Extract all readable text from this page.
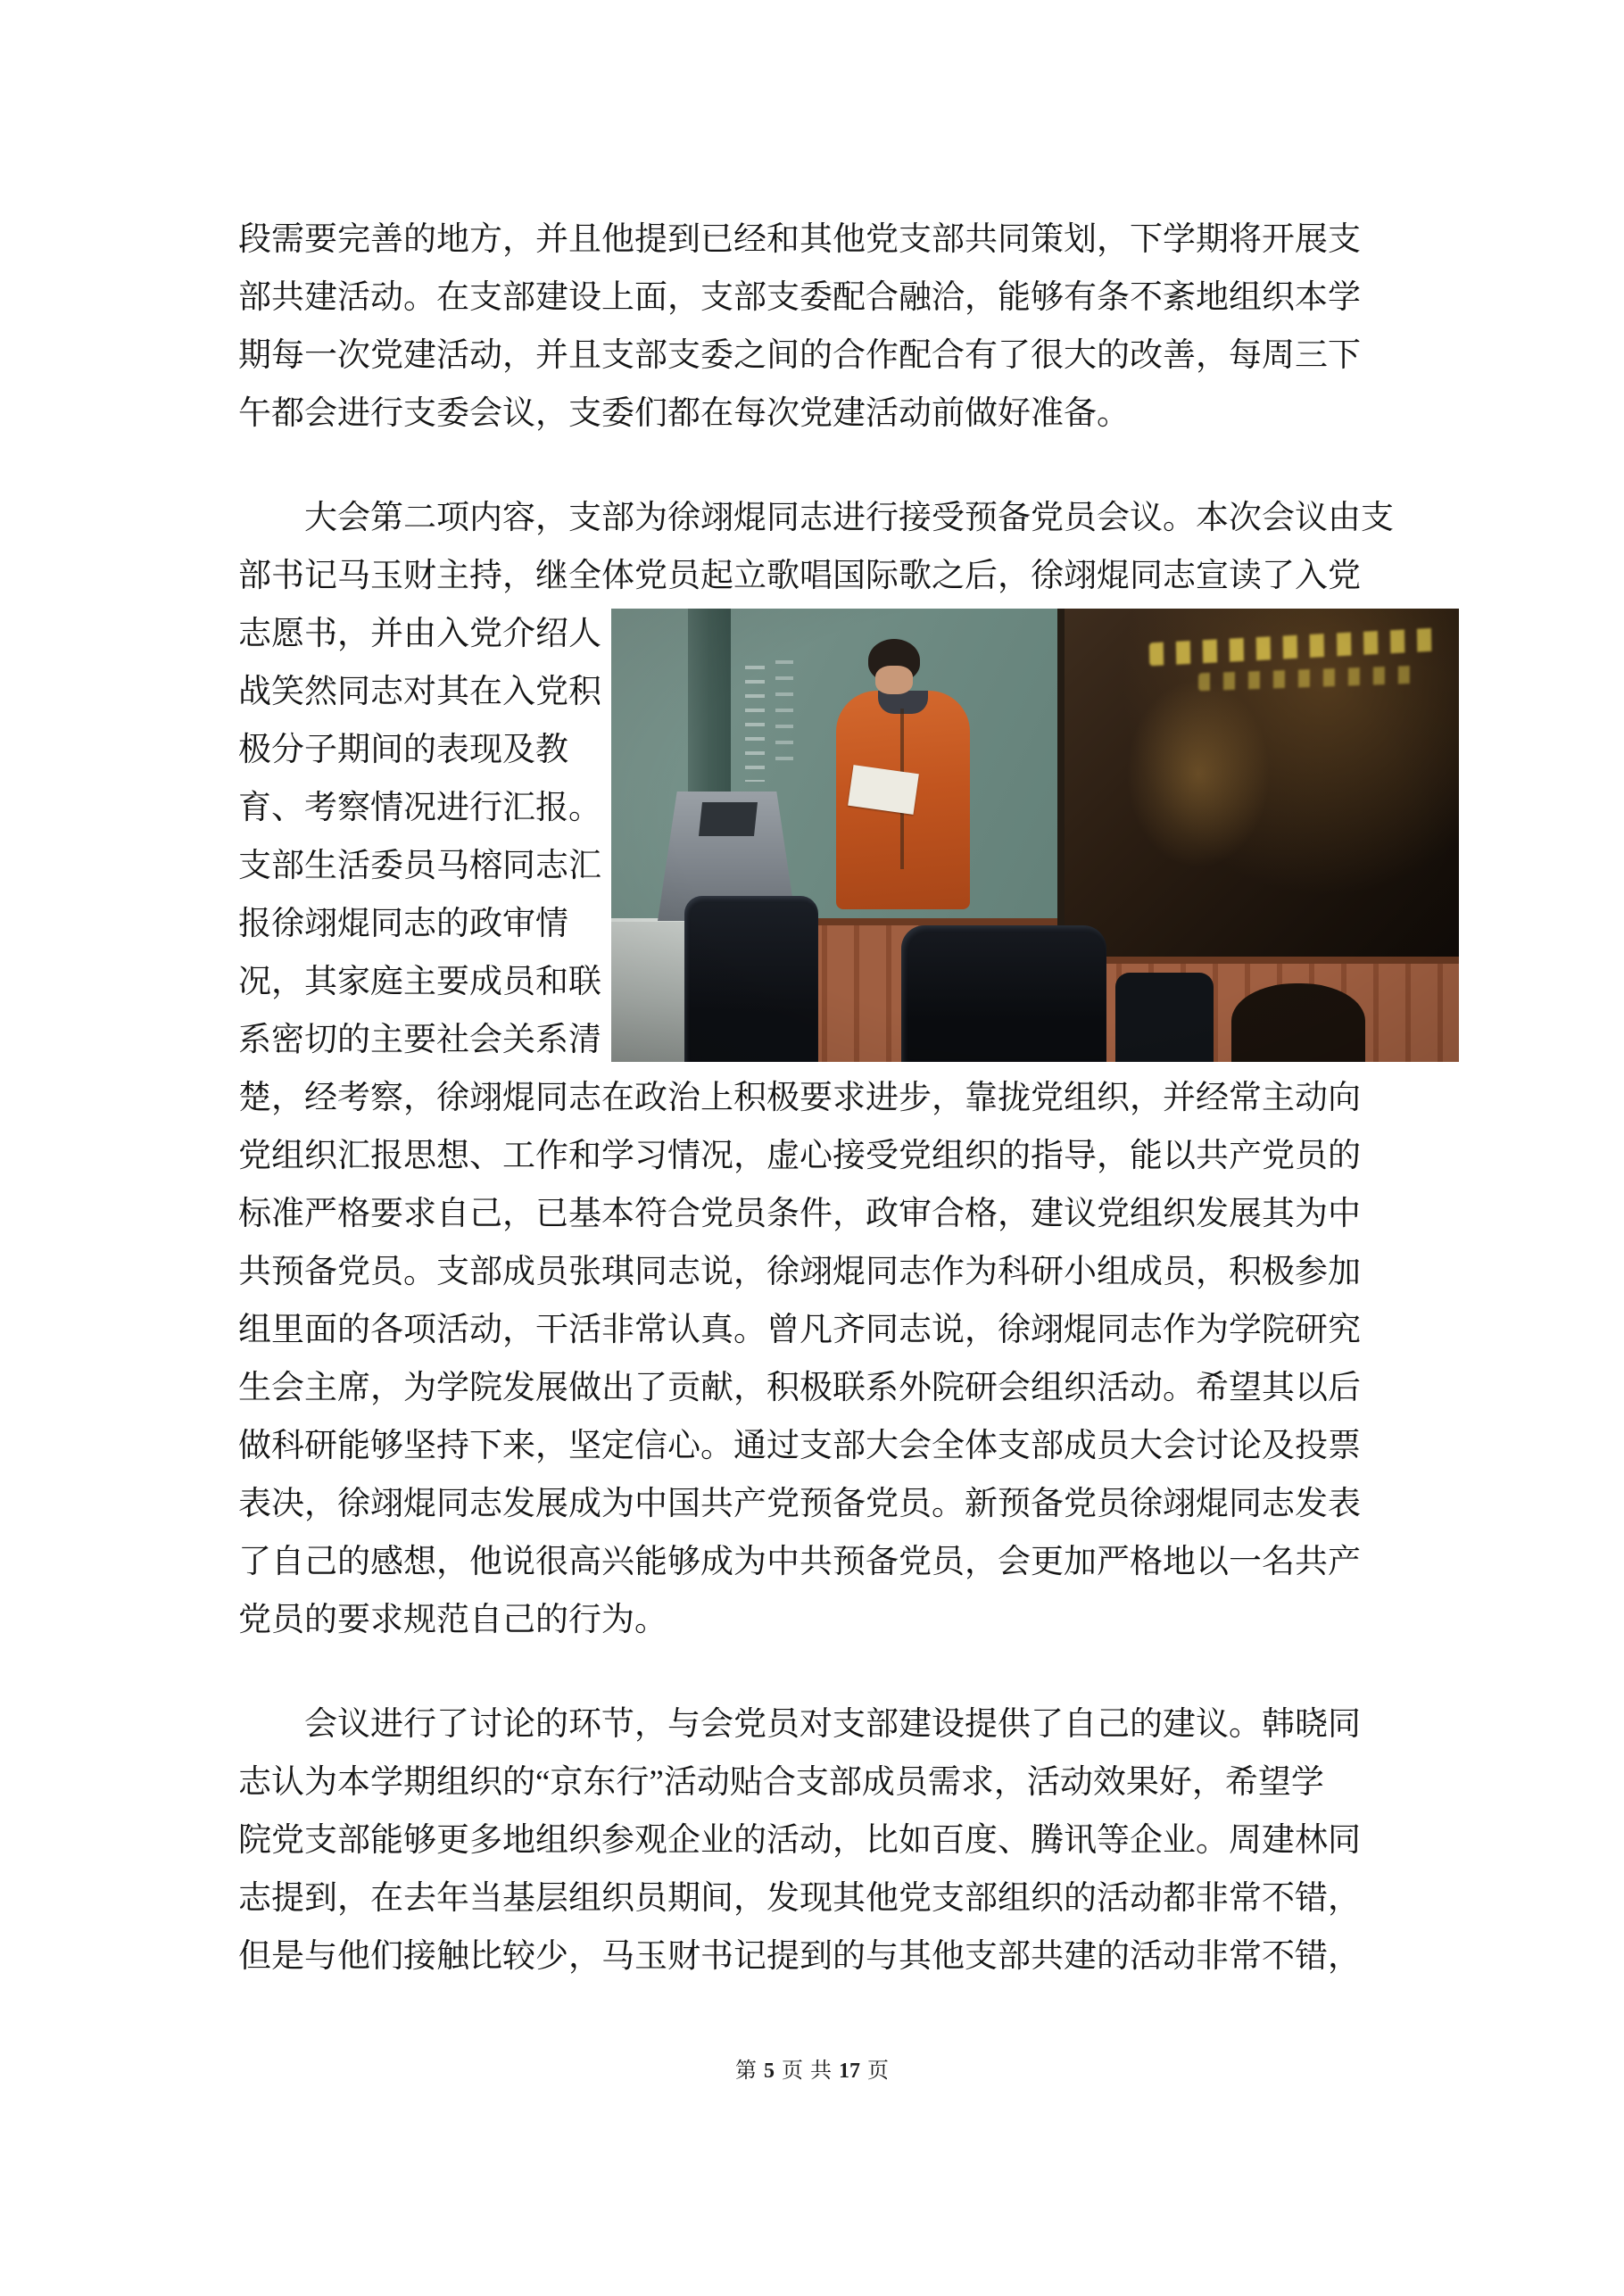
段需要完善的地方，并且他提到已经和其他党支部共同策划，下学期将开展支
部共建活动。在支部建设上面，支部支委配合融洽，能够有条不紊地组织本学
期每一次党建活动，并且支部支委之间的合作配合有了很大的改善，每周三下
午都会进行支委会议，支委们都在每次党建活动前做好准备。
　　大会第二项内容，支部为徐翊焜同志进行接受预备党员会议。本次会议由支
部书记马玉财主持，继全体党员起立歌唱国际歌之后，徐翊焜同志宣读了入党
志愿书，并由入党介绍人
战笑然同志对其在入党积
极分子期间的表现及教
育、考察情况进行汇报。
支部生活委员马榕同志汇
报徐翊焜同志的政审情
况，其家庭主要成员和联
系密切的主要社会关系清
楚，经考察，徐翊焜同志在政治上积极要求进步，靠拢党组织，并经常主动向
党组织汇报思想、工作和学习情况，虚心接受党组织的指导，能以共产党员的
标准严格要求自己，已基本符合党员条件，政审合格，建议党组织发展其为中
共预备党员。支部成员张琪同志说，徐翊焜同志作为科研小组成员，积极参加
组里面的各项活动，干活非常认真。曾凡齐同志说，徐翊焜同志作为学院研究
生会主席，为学院发展做出了贡献，积极联系外院研会组织活动。希望其以后
做科研能够坚持下来，坚定信心。通过支部大会全体支部成员大会讨论及投票
表决，徐翊焜同志发展成为中国共产党预备党员。新预备党员徐翊焜同志发表
了自己的感想，他说很高兴能够成为中共预备党员，会更加严格地以一名共产
党员的要求规范自己的行为。
　　会议进行了讨论的环节，与会党员对支部建设提供了自己的建议。韩晓同
志认为本学期组织的“京东行”活动贴合支部成员需求，活动效果好，希望学
院党支部能够更多地组织参观企业的活动，比如百度、腾讯等企业。周建林同
志提到，在去年当基层组织员期间，发现其他党支部组织的活动都非常不错，
但是与他们接触比较少，马玉财书记提到的与其他支部共建的活动非常不错，
第 5 页 共 17 页
